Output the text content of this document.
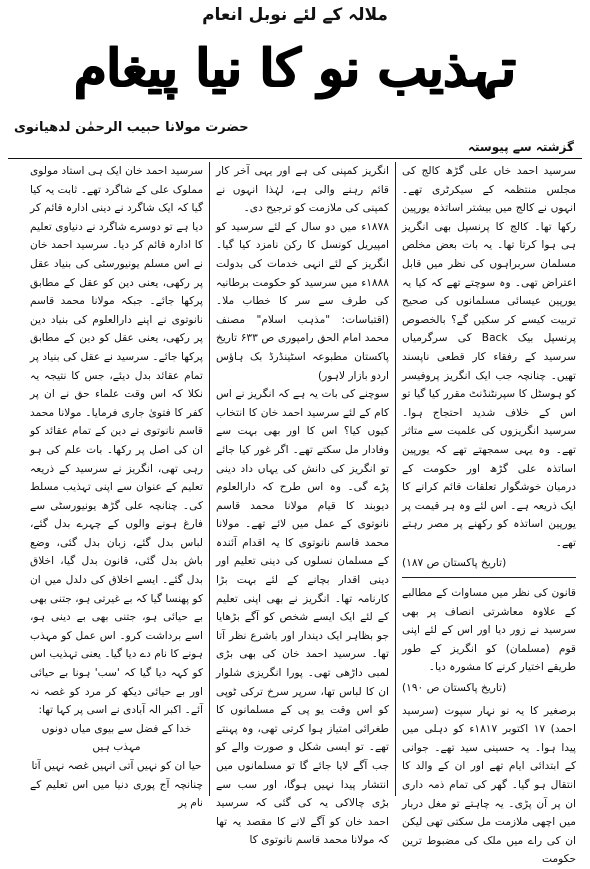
ملالہ کے لئے نوبل انعام
تہذیب نو کا نیا پیغام
حضرت مولانا حبیب الرحمٰن لدھیانوی
گزشتہ سے پیوستہ

سرسید احمد خاں علی گڑھ کالج کی مجلس منتظمہ کے سیکرٹری تھے۔ انہوں نے کالج میں بیشتر اساتذہ یورپین رکھا تھا۔ کالج کا پرنسپل بھی انگریز ہی ہوا کرتا تھا۔ یہ بات بعض مخلص مسلمان سربراہوں کی نظر میں قابل اعتراض تھی۔ وہ سوچتے تھے کہ کیا یہ یورپین عیسائی مسلمانوں کی صحیح تربیت کیسے کر سکیں گے؟ بالخصوص پرنسپل بیک Back کی سرگرمیاں سرسید کے رفقاء کار قطعی ناپسند تھیں۔ چنانچہ جب ایک انگریز پروفیسر کو ہوسٹل کا سپرنٹنڈنٹ مقرر کیا گیا تو اس کے خلاف شدید احتجاج ہوا۔ سرسید انگریزوں کی علمیت سے متاثر تھے۔ وہ یہی سمجھتے تھے کہ یورپین اساتذہ علی گڑھ اور حکومت کے درمیان خوشگوار تعلقات قائم کرانے کا ایک ذریعہ ہے۔ اس لئے وہ ہر قیمت پر یورپین اساتذہ کو رکھنے پر مصر رہتے تھے۔

(تاریخ پاکستان ص ۱۸۷)

قانون کی نظر میں مساوات کے مطالبے کے علاوہ معاشرتی انصاف پر بھی سرسید نے زور دیا اور اس کے لئے اپنی قوم (مسلمان) کو انگریز کے طور طریقے اختیار کرنے کا مشورہ دیا۔

(تاریخ پاکستان ص ۱۹۰)

برصغیر کا یہ نو نہار سپوت (سرسید احمد) ۱۷ اکتوبر ۱۸۱۷ء کو دہلی میں پیدا ہوا۔ یہ حسینی سید تھے۔ جوانی کے ابتدائی ایام تھے اور ان کے والد کا انتقال ہو گیا۔ گھر کی تمام ذمہ داری ان پر آن پڑی۔ یہ چاہتے تو مغل دربار میں اچھی ملازمت مل سکتی تھی لیکن ان کی راے میں ملک کی مضبوط ترین حکومت

انگریز کمپنی کی ہے اور یہی آخر کار قائم رہنے والی ہے، لہٰذا انہوں نے کمپنی کی ملازمت کو ترجیح دی۔

۱۸۷۸ء میں دو سال کے لئے سرسید کو امپیریل کونسل کا رکن نامزد کیا گیا۔ انگریز کے لئے انہی خدمات کی بدولت ۱۸۸۸ء میں سرسید کو حکومت برطانیہ کی طرف سے سر کا خطاب ملا۔ (اقتباسات: "مذہب اسلام" مصنف محمد امام الحق رامپوری ص ۶۳۳ تاریخ پاکستان مطبوعہ اسٹینڈرڈ بک ہاؤس اردو بازار لاہور)

سوچنے کی بات یہ ہے کہ انگریز نے اس کام کے لئے سرسید احمد خان کا انتخاب کیوں کیا؟ اس کا اور بھی بہت سے وفادار مل سکتے تھے۔ اگر غور کیا جائے تو انگریز کی دانش کی یہاں داد دینی پڑے گی۔ وہ اس طرح کہ دارالعلوم دیوبند کا قیام مولانا محمد قاسم نانوتوی کے عمل میں لائے تھے۔ مولانا محمد قاسم نانوتوی کا یہ اقدام آئندہ کے مسلمان نسلوں کی دینی تعلیم اور دینی اقدار بچانے کے لئے بہت بڑا کارنامہ تھا۔ انگریز نے بھی اپنی تعلیم کے لئے ایک ایسے شخص کو آگے بڑھایا جو بظاہر ایک دیندار اور باشرع نظر آتا تھا۔ سرسید احمد خان کی بھی بڑی لمبی داڑھی تھی۔ پورا انگریزی شلوار ان کا لباس تھا، سرپر سرخ ترکی ٹوپی کو اس وقت یو پی کے مسلمانوں کا طغرائی امتیاز ہوا کرتی تھی، وہ پہنتے تھے۔ تو ایسی شکل و صورت والے کو جب آگے لایا جائے گا تو مسلمانوں میں انتشار پیدا نہیں ہوگا، اور سب سے بڑی چالاکی یہ کی گئی کہ سرسید احمد خان کو آگے لانے کا مقصد یہ تھا کہ مولانا محمد قاسم نانوتوی کا

سرسید احمد خان ایک ہی استاد مولوی مملوک علی کے شاگرد تھے۔ ثابت یہ کیا گیا کہ ایک شاگرد نے دینی ادارہ قائم کر دیا ہے تو دوسرے شاگرد نے دنیاوی تعلیم کا ادارہ قائم کر دیا۔ سرسید احمد خان نے اس مسلم یونیورسٹی کی بنیاد عقل پر رکھی، یعنی دین کو عقل کے مطابق پرکھا جائے۔ جبکہ مولانا محمد قاسم نانوتوی نے اپنے دارالعلوم کی بنیاد دین پر رکھی، یعنی عقل کو دین کے مطابق پرکھا جائے۔ سرسید نے عقل کی بنیاد پر تمام عقائد بدل دیئے، جس کا نتیجہ یہ نکلا کہ اس وقت علماء حق نے ان پر کفر کا فتویٰ جاری فرمایا۔ مولانا محمد قاسم نانوتوی نے دین کے تمام عقائد کو ان کی اصل پر رکھا۔ بات علم کی ہو رہی تھی، انگریز نے سرسید کے ذریعہ تعلیم کے عنوان سے اپنی تہذیب مسلط کی۔ چنانچہ علی گڑھ یونیورسٹی سے فارغ ہونے والوں کے چہرے بدل گئے، لباس بدل گئے، زبان بدل گئی، وضع باش بدل گئی، قانون بدل گیا، اخلاق بدل گئے۔ ایسے اخلاق کی دلدل میں ان کو پھنسا گیا کہ بے غیرتی ہو، جتنی بھی بے حیائی ہو، جتنی بھی بے دینی ہو، اسے برداشت کرو۔ اس عمل کو مہذب ہونے کا نام دے دیا گیا۔ یعنی تہذیب اس کو کہہ دیا گیا کہ 'سب' ہونا بے حیائی اور بے حیائی دیکھ کر مرد کو غصہ نہ آئے۔ اکبر الہ آبادی نے اسی پر کہا تھا:

خدا کے فضل سے بیوی میاں دونوں مہذب ہیں

حیا ان کو نہیں آتی انہیں غصہ نہیں آتا

چنانچہ آج پوری دنیا میں اس تعلیم کے نام پر
